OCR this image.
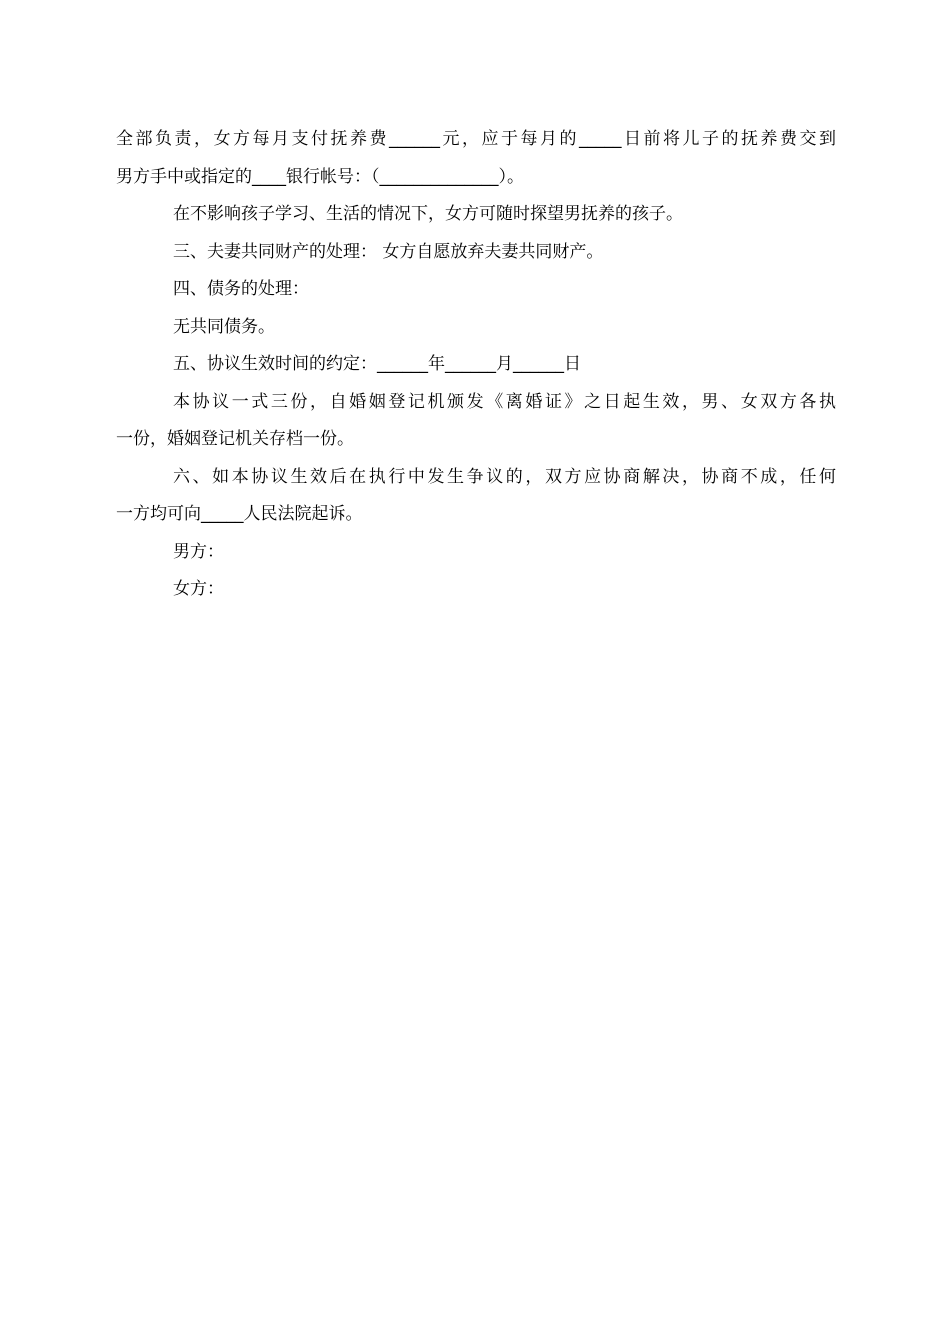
全部负责，女方每月支付抚养费______元，应于每月的_____日前将儿子的抚养费交到
男方手中或指定的____银行帐号：（______________）。
在不影响孩子学习、生活的情况下，女方可随时探望男抚养的孩子。
三、夫妻共同财产的处理： 女方自愿放弃夫妻共同财产。
四、债务的处理：
无共同债务。
五、协议生效时间的约定：______年______月______日
本协议一式三份，自婚姻登记机颁发《离婚证》之日起生效，男、女双方各执
一份，婚姻登记机关存档一份。
六、如本协议生效后在执行中发生争议的，双方应协商解决，协商不成，任何
一方均可向_____人民法院起诉。
男方：
女方：
